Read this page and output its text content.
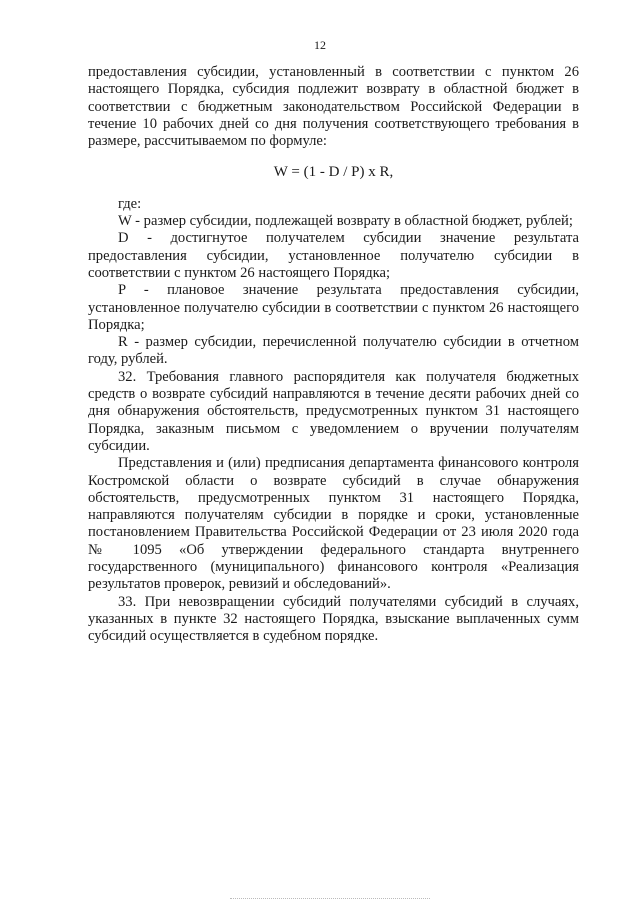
12

предоставления субсидии, установленный в соответствии с пунктом 26 настоящего Порядка, субсидия подлежит возврату в областной бюджет в соответствии с бюджетным законодательством Российской Федерации в течение 10 рабочих дней со дня получения соответствующего требования в размере, рассчитываемом по формуле:

W = (1 - D / P) x R,

где:

W - размер субсидии, подлежащей возврату в областной бюджет, рублей;

D - достигнутое получателем субсидии значение результата предоставления субсидии, установленное получателю субсидии в соответствии с пунктом 26 настоящего Порядка;

P - плановое значение результата предоставления субсидии, установленное получателю субсидии в соответствии с пунктом 26 настоящего Порядка;

R - размер субсидии, перечисленной получателю субсидии в отчетном году, рублей.

32. Требования главного распорядителя как получателя бюджетных средств о возврате субсидий направляются в течение десяти рабочих дней со дня обнаружения обстоятельств, предусмотренных пунктом 31 настоящего Порядка, заказным письмом с уведомлением о вручении получателям субсидии.

Представления и (или) предписания департамента финансового контроля Костромской области о возврате субсидий в случае обнаружения обстоятельств, предусмотренных пунктом 31 настоящего Порядка, направляются получателям субсидии в порядке и сроки, установленные постановлением Правительства Российской Федерации от 23 июля 2020 года № 1095 «Об утверждении федерального стандарта внутреннего государственного (муниципального) финансового контроля «Реализация результатов проверок, ревизий и обследований».

33. При невозвращении субсидий получателями субсидий в случаях, указанных в пункте 32 настоящего Порядка, взыскание выплаченных сумм субсидий осуществляется в судебном порядке.
